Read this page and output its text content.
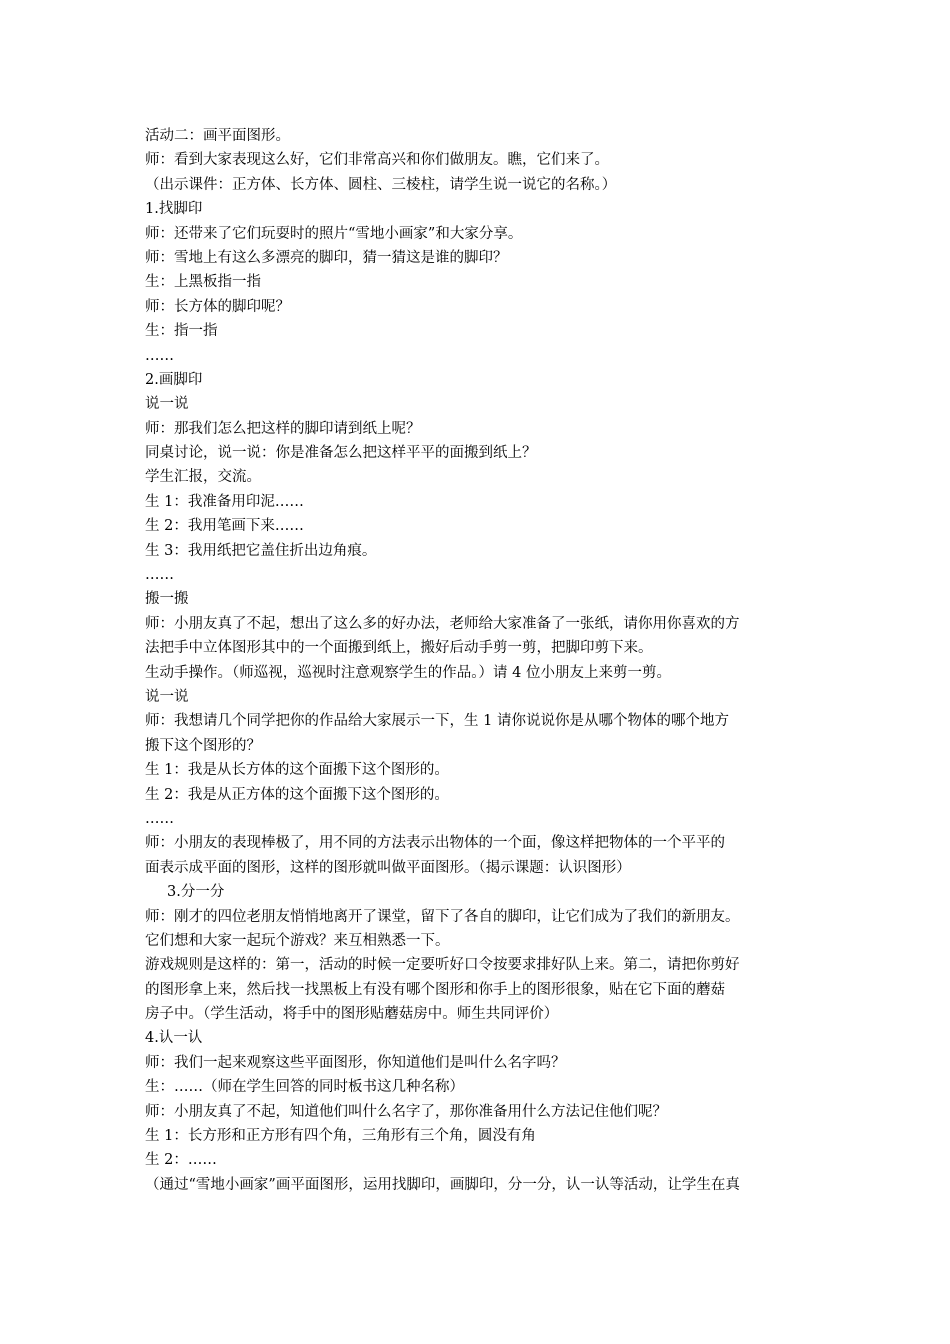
活动二：画平面图形。
师：看到大家表现这么好，它们非常高兴和你们做朋友。瞧，它们来了。
（出示课件：正方体、长方体、圆柱、三棱柱，请学生说一说它的名称。）
1.找脚印
师：还带来了它们玩耍时的照片“雪地小画家”和大家分享。
师：雪地上有这么多漂亮的脚印，猜一猜这是谁的脚印？
生：上黑板指一指
师：长方体的脚印呢？
生：指一指
……
2.画脚印
说一说
师：那我们怎么把这样的脚印请到纸上呢？
同桌讨论，说一说：你是准备怎么把这样平平的面搬到纸上？
学生汇报，交流。
生 1：我准备用印泥……
生 2：我用笔画下来……
生 3：我用纸把它盖住折出边角痕。
……
搬一搬
师：小朋友真了不起，想出了这么多的好办法，老师给大家准备了一张纸，请你用你喜欢的方
法把手中立体图形其中的一个面搬到纸上，搬好后动手剪一剪，把脚印剪下来。
生动手操作。（师巡视，巡视时注意观察学生的作品。）请 4 位小朋友上来剪一剪。
说一说
师：我想请几个同学把你的作品给大家展示一下，生 1 请你说说你是从哪个物体的哪个地方
搬下这个图形的？
生 1：我是从长方体的这个面搬下这个图形的。
生 2：我是从正方体的这个面搬下这个图形的。
……
师：小朋友的表现棒极了，用不同的方法表示出物体的一个面，像这样把物体的一个平平的
面表示成平面的图形，这样的图形就叫做平面图形。（揭示课题：认识图形）
3.分一分
师：刚才的四位老朋友悄悄地离开了课堂，留下了各自的脚印，让它们成为了我们的新朋友。
它们想和大家一起玩个游戏？来互相熟悉一下。
游戏规则是这样的：第一，活动的时候一定要听好口令按要求排好队上来。第二，请把你剪好
的图形拿上来，然后找一找黑板上有没有哪个图形和你手上的图形很象，贴在它下面的蘑菇
房子中。（学生活动，将手中的图形贴蘑菇房中。师生共同评价）
4.认一认
师：我们一起来观察这些平面图形，你知道他们是叫什么名字吗？
生：……（师在学生回答的同时板书这几种名称）
师：小朋友真了不起，知道他们叫什么名字了，那你准备用什么方法记住他们呢？
生 1：长方形和正方形有四个角，三角形有三个角，圆没有角
生 2：……
（通过“雪地小画家”画平面图形，运用找脚印，画脚印，分一分，认一认等活动，让学生在真
